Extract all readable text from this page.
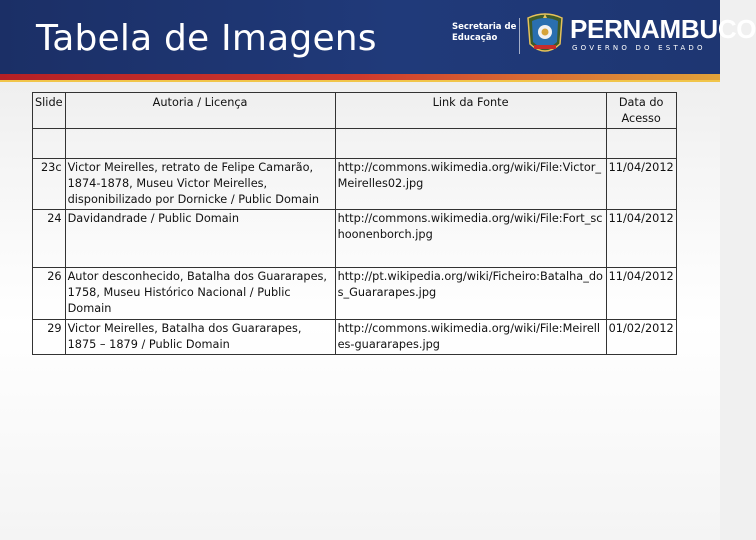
Tabela de Imagens	Secretaria de
Educação	PERNAMBUCO
GOVERNO DO ESTADO
Slide	Autoria / Licença	Link da Fonte	Data do Acesso

23c	Victor Meirelles, retrato de Felipe Camarão, 1874-1878, Museu Victor Meirelles, disponibilizado por Dornicke / Public Domain	http://commons.wikimedia.org/wiki/File:Victor_Meirelles02.jpg	11/04/2012
24	Davidandrade / Public Domain	http://commons.wikimedia.org/wiki/File:Fort_schoonenborch.jpg	11/04/2012
26	Autor desconhecido, Batalha dos Guararapes, 1758, Museu Histórico Nacional / Public Domain	http://pt.wikipedia.org/wiki/Ficheiro:Batalha_dos_Guararapes.jpg	11/04/2012
29	Victor Meirelles, Batalha dos Guararapes, 1875 – 1879 / Public Domain	http://commons.wikimedia.org/wiki/File:Meirelles-guararapes.jpg	01/02/2012
